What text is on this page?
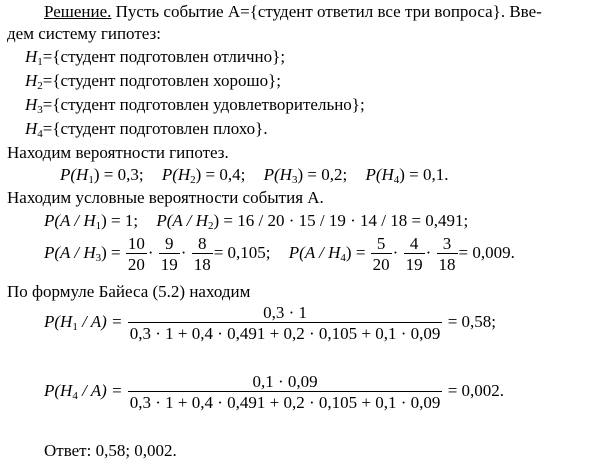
Решение. Пусть событие А={студент ответил все три вопроса}. Вве-
дем систему гипотез:
$H_1=\{студент$ подготовлен отлично};
$H_2=\{студент$ подготовлен хорошо};
$H_3=\{студент$ подготовлен удовлетворительно};
$H_4=\{студент$ подготовлен плохо}.
Находим вероятности гипотез.
$P(H_1) = 0,3$; $P(H_2) = 0,4$; $P(H_3) = 0,2$; $P(H_4) = 0,1$.
Находим условные вероятности события А.
$P(A / H_1) = 1$; $P(A / H_2) = 16 / 20 \cdot 15 / 19 \cdot 14 / 18 = 0,491$;
$P(A / H_3) = \frac{10}{20} \cdot \frac{9}{19} \cdot \frac{8}{18} = 0,105$; $P(A / H_4) = \frac{5}{20} \cdot \frac{4}{19} \cdot \frac{3}{18} = 0,009$.
По формуле Байеса (5.2) находим
$P(H_1 / A) = \frac{0,3 \cdot 1}{0,3 \cdot 1 + 0,4 \cdot 0,491 + 0,2 \cdot 0,105 + 0,1 \cdot 0,09} = 0,58$;
$P(H_4 / A) = \frac{0,1 \cdot 0,09}{0,3 \cdot 1 + 0,4 \cdot 0,491 + 0,2 \cdot 0,105 + 0,1 \cdot 0,09} = 0,002$.
Ответ: 0,58; 0,002.
